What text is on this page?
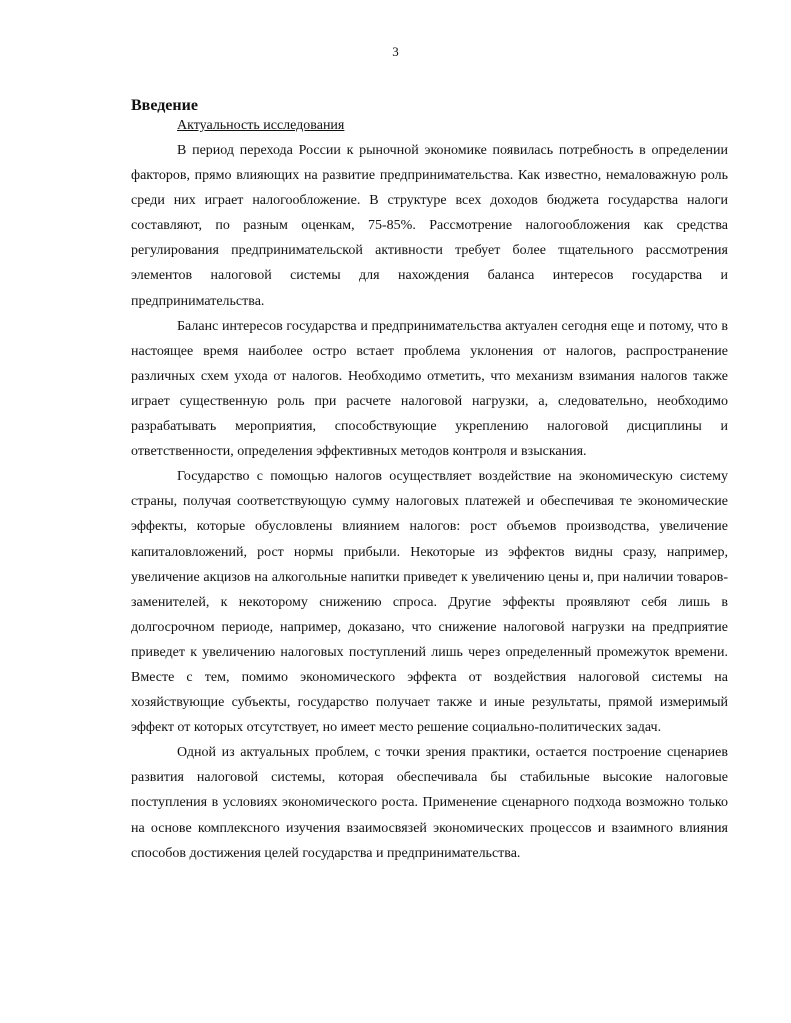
3
Введение

Актуальность исследования

В период перехода России к рыночной экономике появилась потребность в определении факторов, прямо влияющих на развитие предпринимательства. Как известно, немаловажную роль среди них играет налогообложение. В структуре всех доходов бюджета государства налоги составляют, по разным оценкам, 75-85%. Рассмотрение налогообложения как средства регулирования предпринимательской активности требует более тщательного рассмотрения элементов налоговой системы для нахождения баланса интересов государства и предпринимательства.

Баланс интересов государства и предпринимательства актуален сегодня еще и потому, что в настоящее время наиболее остро встает проблема уклонения от налогов, распространение различных схем ухода от налогов. Необходимо отметить, что механизм взимания налогов также играет существенную роль при расчете налоговой нагрузки, а, следовательно, необходимо разрабатывать мероприятия, способствующие укреплению налоговой дисциплины и ответственности, определения эффективных методов контроля и взыскания.

Государство с помощью налогов осуществляет воздействие на экономическую систему страны, получая соответствующую сумму налоговых платежей и обеспечивая те экономические эффекты, которые обусловлены влиянием налогов: рост объемов производства, увеличение капиталовложений, рост нормы прибыли. Некоторые из эффектов видны сразу, например, увеличение акцизов на алкогольные напитки приведет к увеличению цены и, при наличии товаров-заменителей, к некоторому снижению спроса. Другие эффекты проявляют себя лишь в долгосрочном периоде, например, доказано, что снижение налоговой нагрузки на предприятие приведет к увеличению налоговых поступлений лишь через определенный промежуток времени. Вместе с тем, помимо экономического эффекта от воздействия налоговой системы на хозяйствующие субъекты, государство получает также и иные результаты, прямой измеримый эффект от которых отсутствует, но имеет место решение социально-политических задач.

Одной из актуальных проблем, с точки зрения практики, остается построение сценариев развития налоговой системы, которая обеспечивала бы стабильные высокие налоговые поступления в условиях экономического роста. Применение сценарного подхода возможно только на основе комплексного изучения взаимосвязей экономических процессов и взаимного влияния способов достижения целей государства и предпринимательства.
